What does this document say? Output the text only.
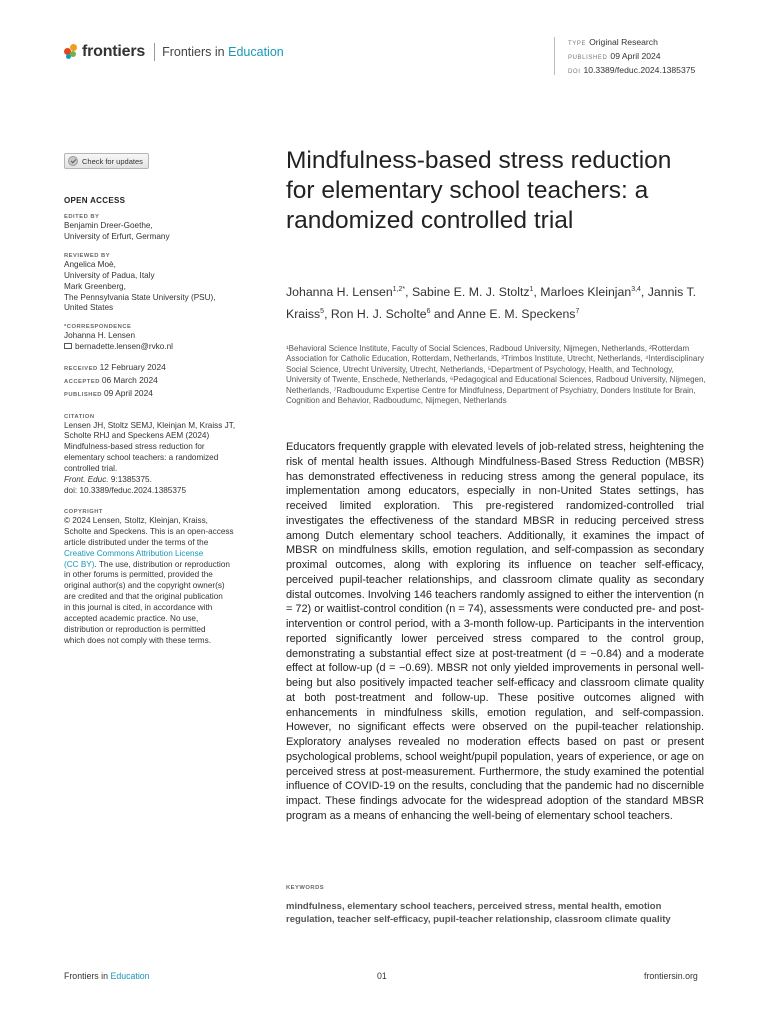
frontiers Frontiers in Education
TYPE Original Research
PUBLISHED 09 April 2024
DOI 10.3389/feduc.2024.1385375
Check for updates
OPEN ACCESS
EDITED BY
Benjamin Dreer-Goethe,
University of Erfurt, Germany
REVIEWED BY
Angelica Moè,
University of Padua, Italy
Mark Greenberg,
The Pennsylvania State University (PSU),
United States
*CORRESPONDENCE
Johanna H. Lensen
bernadette.lensen@rvko.nl
RECEIVED 12 February 2024
ACCEPTED 06 March 2024
PUBLISHED 09 April 2024
CITATION
Lensen JH, Stoltz SEMJ, Kleinjan M, Kraiss JT,
Scholte RHJ and Speckens AEM (2024)
Mindfulness-based stress reduction for
elementary school teachers: a randomized
controlled trial.
Front. Educ. 9:1385375.
doi: 10.3389/feduc.2024.1385375
COPYRIGHT
© 2024 Lensen, Stoltz, Kleinjan, Kraiss,
Scholte and Speckens. This is an open-access
article distributed under the terms of the
Creative Commons Attribution License
(CC BY). The use, distribution or reproduction
in other forums is permitted, provided the
original author(s) and the copyright owner(s)
are credited and that the original publication
in this journal is cited, in accordance with
accepted academic practice. No use,
distribution or reproduction is permitted
which does not comply with these terms.
Mindfulness-based stress reduction for elementary school teachers: a randomized controlled trial
Johanna H. Lensen$^{1,2*}$, Sabine E. M. J. Stoltz$^1$, Marloes Kleinjan$^{3,4}$, Jannis T. Kraiss$^5$, Ron H. J. Scholte$^6$ and Anne E. M. Speckens$^7$
¹Behavioral Science Institute, Faculty of Social Sciences, Radboud University, Nijmegen, Netherlands, ²Rotterdam Association for Catholic Education, Rotterdam, Netherlands, ³Trimbos Institute, Utrecht, Netherlands, ⁴Interdisciplinary Social Science, Utrecht University, Utrecht, Netherlands, ⁵Department of Psychology, Health, and Technology, University of Twente, Enschede, Netherlands, ⁶Pedagogical and Educational Sciences, Radboud University, Nijmegen, Netherlands, ⁷Radboudumc Expertise Centre for Mindfulness, Department of Psychiatry, Donders Institute for Brain, Cognition and Behavior, Radboudumc, Nijmegen, Netherlands
Educators frequently grapple with elevated levels of job-related stress, heightening the risk of mental health issues. Although Mindfulness-Based Stress Reduction (MBSR) has demonstrated effectiveness in reducing stress among the general populace, its implementation among educators, especially in non-United States settings, has received limited exploration. This pre-registered randomized-controlled trial investigates the effectiveness of the standard MBSR in reducing perceived stress among Dutch elementary school teachers. Additionally, it examines the impact of MBSR on mindfulness skills, emotion regulation, and self-compassion as secondary proximal outcomes, along with exploring its influence on teacher self-efficacy, perceived pupil-teacher relationships, and classroom climate quality as secondary distal outcomes. Involving 146 teachers randomly assigned to either the intervention (n = 72) or waitlist-control condition (n = 74), assessments were conducted pre- and post-intervention or control period, with a 3-month follow-up. Participants in the intervention reported significantly lower perceived stress compared to the control group, demonstrating a substantial effect size at post-treatment (d = −0.84) and a moderate effect at follow-up (d = −0.69). MBSR not only yielded improvements in personal well-being but also positively impacted teacher self-efficacy and classroom climate quality at both post-treatment and follow-up. These positive outcomes aligned with enhancements in mindfulness skills, emotion regulation, and self-compassion. However, no significant effects were observed on the pupil-teacher relationship. Exploratory analyses revealed no moderation effects based on past or present psychological problems, school weight/pupil population, years of experience, or age on perceived stress at post-measurement. Furthermore, the study examined the potential influence of COVID-19 on the results, concluding that the pandemic had no discernible impact. These findings advocate for the widespread adoption of the standard MBSR program as a means of enhancing the well-being of elementary school teachers.
KEYWORDS
mindfulness, elementary school teachers, perceived stress, mental health, emotion regulation, teacher self-efficacy, pupil-teacher relationship, classroom climate quality
Frontiers in Education	01	frontiersin.org
